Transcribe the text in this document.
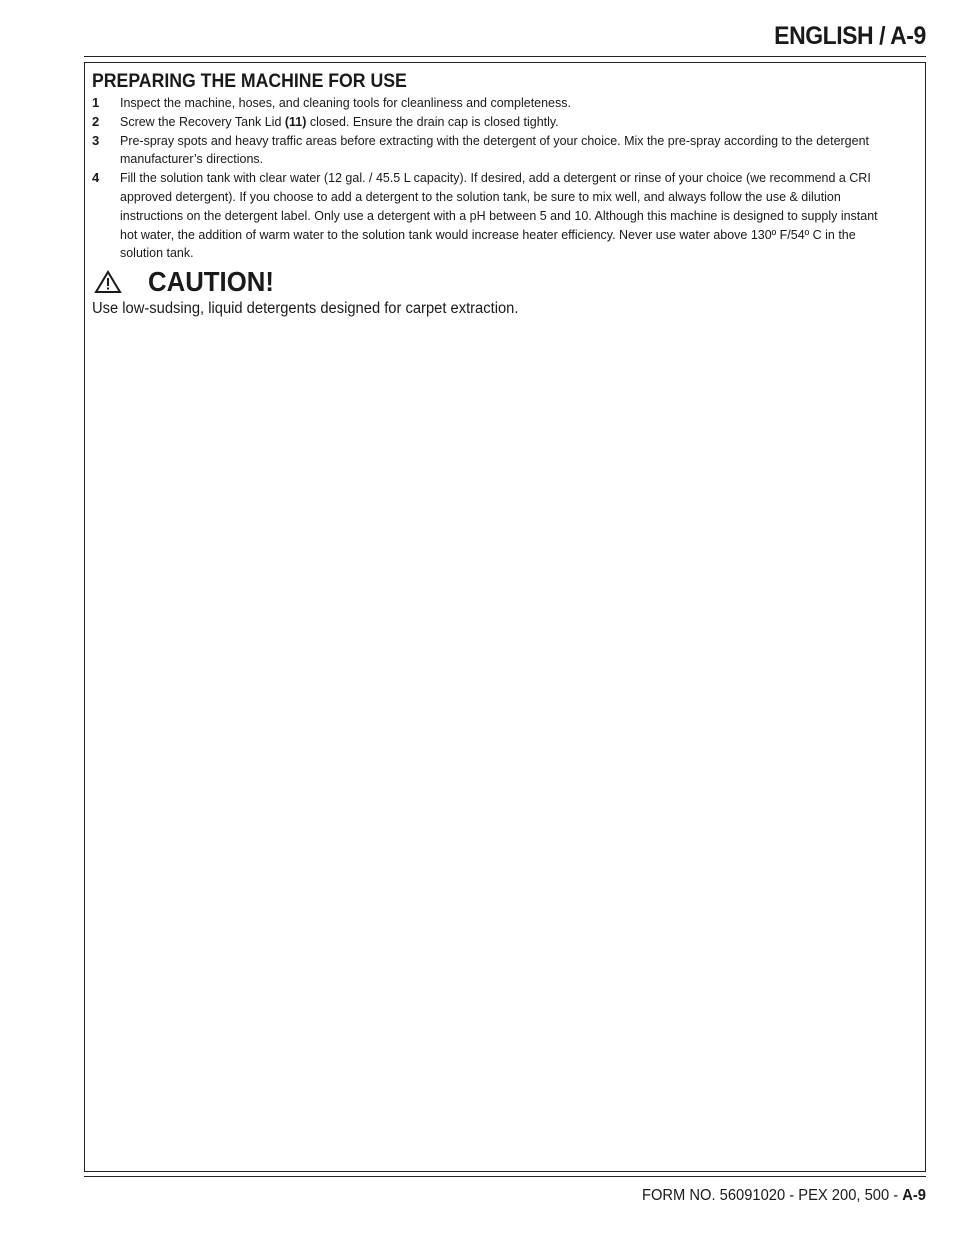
ENGLISH / A-9
PREPARING THE MACHINE FOR USE
1 Inspect the machine, hoses, and cleaning tools for cleanliness and completeness.
2 Screw the Recovery Tank Lid (11) closed. Ensure the drain cap is closed tightly.
3 Pre-spray spots and heavy traffic areas before extracting with the detergent of your choice. Mix the pre-spray according to the detergent manufacturer’s directions.
4 Fill the solution tank with clear water (12 gal. / 45.5 L capacity). If desired, add a detergent or rinse of your choice (we recommend a CRI approved detergent). If you choose to add a detergent to the solution tank, be sure to mix well, and always follow the use & dilution instructions on the detergent label. Only use a detergent with a pH between 5 and 10. Although this machine is designed to supply instant hot water, the addition of warm water to the solution tank would increase heater efficiency. Never use water above 130º F/54º C in the solution tank.
CAUTION!
Use low-sudsing, liquid detergents designed for carpet extraction.
FORM NO. 56091020 - PEX 200, 500 - A-9
